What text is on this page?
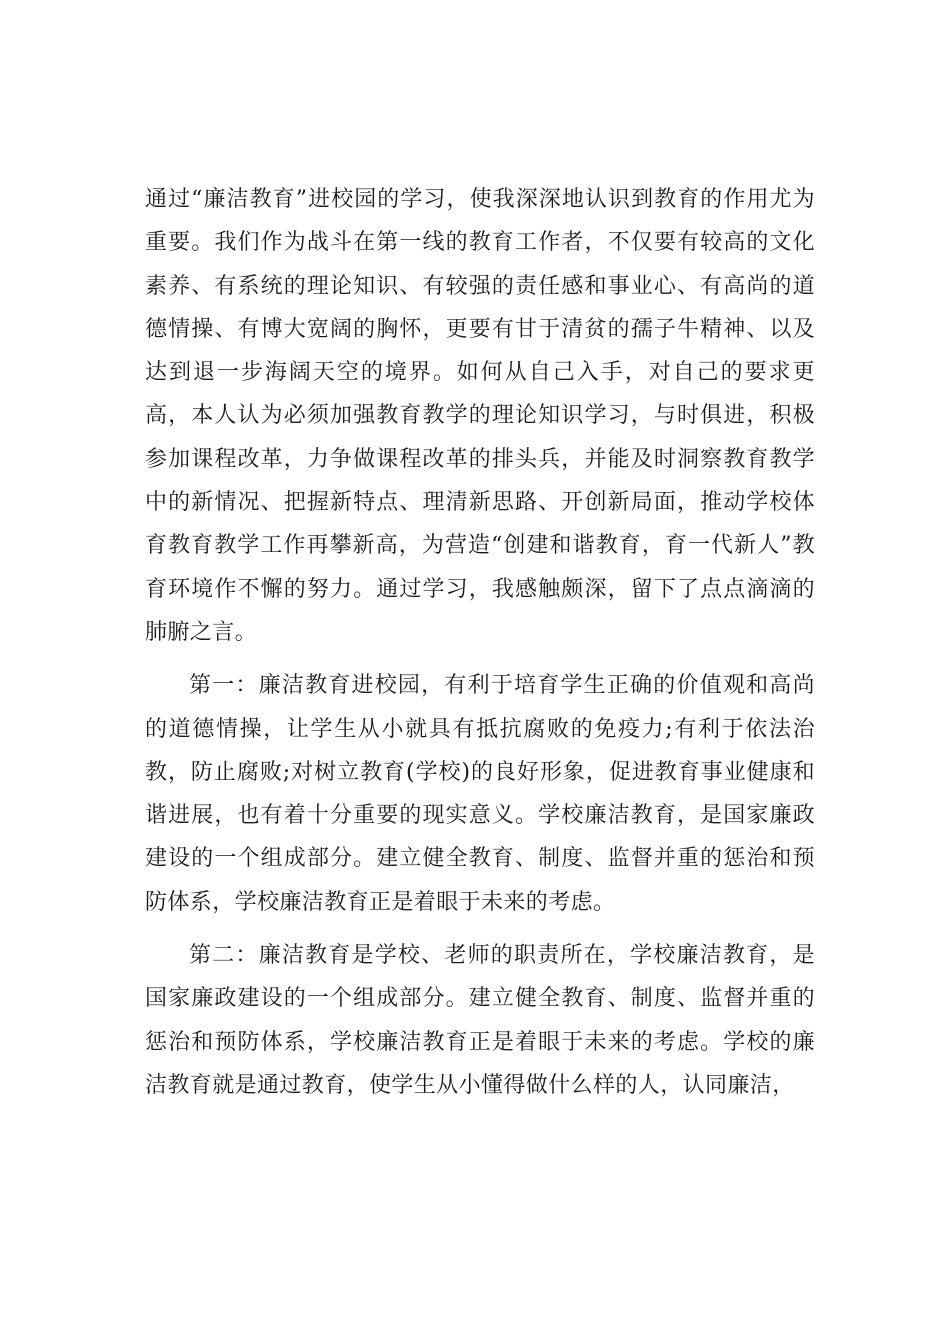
通过“廉洁教育”进校园的学习，使我深深地认识到教育的作用尤为重要。我们作为战斗在第一线的教育工作者，不仅要有较高的文化素养、有系统的理论知识、有较强的责任感和事业心、有高尚的道德情操、有博大宽阔的胸怀，更要有甘于清贫的孺子牛精神、以及达到退一步海阔天空的境界。如何从自己入手，对自己的要求更高，本人认为必须加强教育教学的理论知识学习，与时俱进，积极参加课程改革，力争做课程改革的排头兵，并能及时洞察教育教学中的新情况、把握新特点、理清新思路、开创新局面，推动学校体育教育教学工作再攀新高，为营造“创建和谐教育，育一代新人”教育环境作不懈的努力。通过学习，我感触颇深，留下了点点滴滴的肺腑之言。

第一：廉洁教育进校园，有利于培育学生正确的价值观和高尚的道德情操，让学生从小就具有抵抗腐败的免疫力;有利于依法治教，防止腐败;对树立教育(学校)的良好形象，促进教育事业健康和谐进展，也有着十分重要的现实意义。学校廉洁教育，是国家廉政建设的一个组成部分。建立健全教育、制度、监督并重的惩治和预防体系，学校廉洁教育正是着眼于未来的考虑。

第二：廉洁教育是学校、老师的职责所在，学校廉洁教育，是国家廉政建设的一个组成部分。建立健全教育、制度、监督并重的惩治和预防体系，学校廉洁教育正是着眼于未来的考虑。学校的廉洁教育就是通过教育，使学生从小懂得做什么样的人，认同廉洁，
